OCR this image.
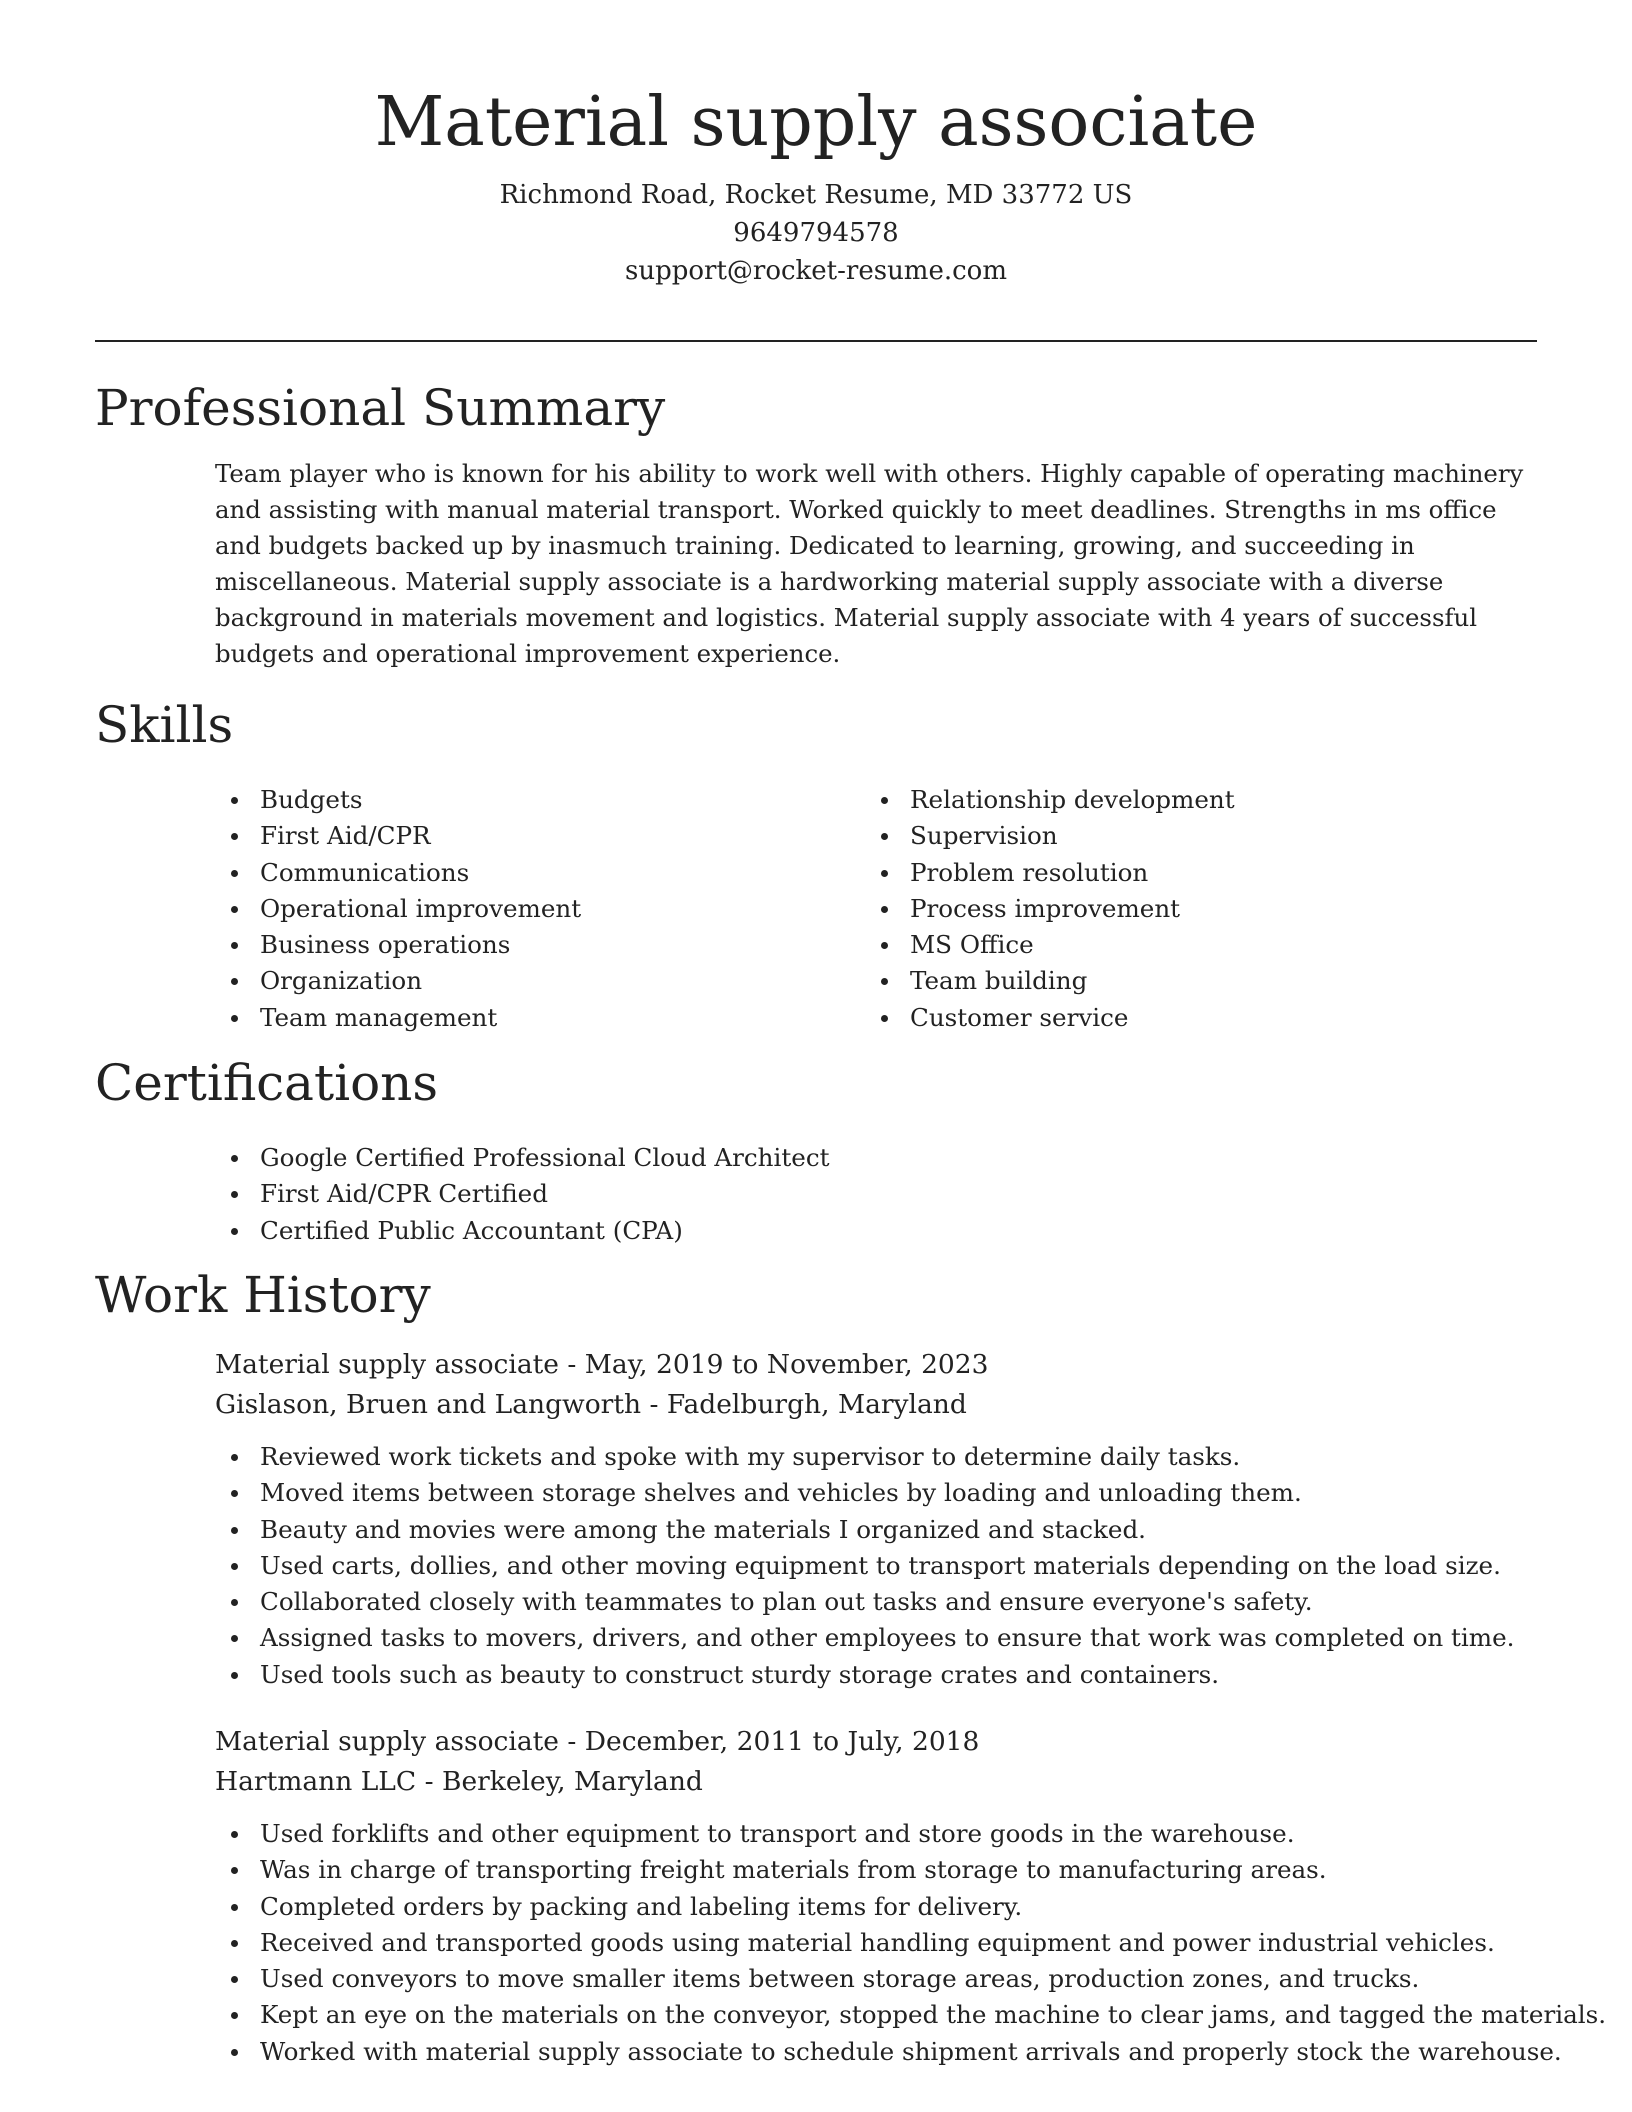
Material supply associate

Richmond Road, Rocket Resume, MD 33772 US

9649794578

support@rocket-resume.com

Professional Summary

Team player who is known for his ability to work well with others. Highly capable of operating machinery and assisting with manual material transport. Worked quickly to meet deadlines. Strengths in ms office and budgets backed up by inasmuch training. Dedicated to learning, growing, and succeeding in miscellaneous. Material supply associate is a hardworking material supply associate with a diverse background in materials movement and logistics. Material supply associate with 4 years of successful budgets and operational improvement experience.

Skills
Budgets
First Aid/CPR
Communications
Operational improvement
Business operations
Organization
Team management
Relationship development
Supervision
Problem resolution
Process improvement
MS Office
Team building
Customer service
Certifications
Google Certified Professional Cloud Architect
First Aid/CPR Certified
Certified Public Accountant (CPA)
Work History

Material supply associate - May, 2019 to November, 2023

Gislason, Bruen and Langworth - Fadelburgh, Maryland

Reviewed work tickets and spoke with my supervisor to determine daily tasks.
Moved items between storage shelves and vehicles by loading and unloading them.
Beauty and movies were among the materials I organized and stacked.
Used carts, dollies, and other moving equipment to transport materials depending on the load size.
Collaborated closely with teammates to plan out tasks and ensure everyone's safety.
Assigned tasks to movers, drivers, and other employees to ensure that work was completed on time.
Used tools such as beauty to construct sturdy storage crates and containers.

Material supply associate - December, 2011 to July, 2018

Hartmann LLC - Berkeley, Maryland

Used forklifts and other equipment to transport and store goods in the warehouse.
Was in charge of transporting freight materials from storage to manufacturing areas.
Completed orders by packing and labeling items for delivery.
Received and transported goods using material handling equipment and power industrial vehicles.
Used conveyors to move smaller items between storage areas, production zones, and trucks.
Kept an eye on the materials on the conveyor, stopped the machine to clear jams, and tagged the materials.
Worked with material supply associate to schedule shipment arrivals and properly stock the warehouse.
